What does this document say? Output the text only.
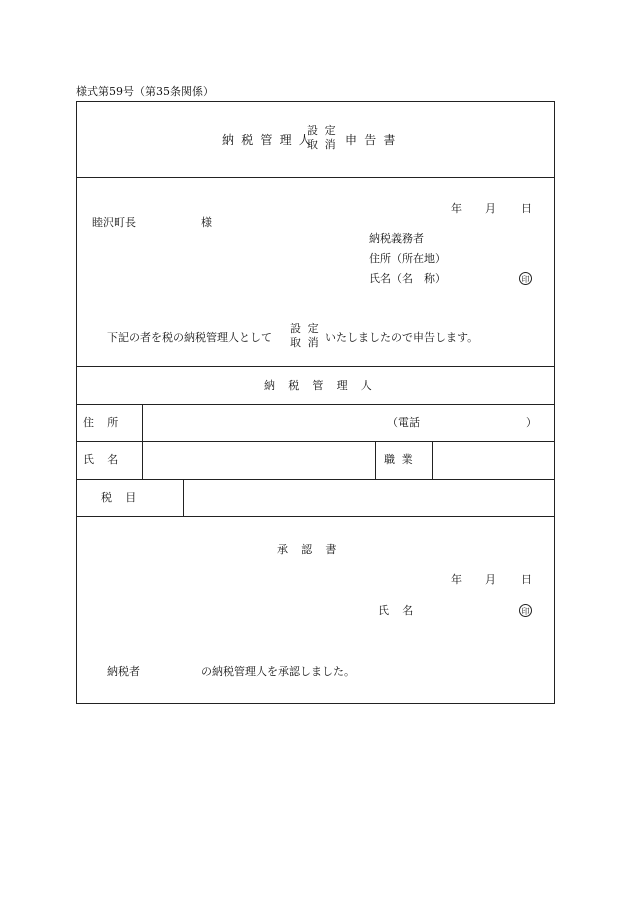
様式第59号（第35条関係）
納税管理人
設定
取消 申告書
年 月 日
睦沢町長	様
納税義務者
住所（所在地）
氏名（名　称）	印
下記の者を税の納税管理人として
設定
取消 いたしましたので申告します。
納税管理人
住所	（電話	）
氏名	職業
税目
承認書
年 月 日
氏名	印
納税者	の納税管理人を承認しました。
